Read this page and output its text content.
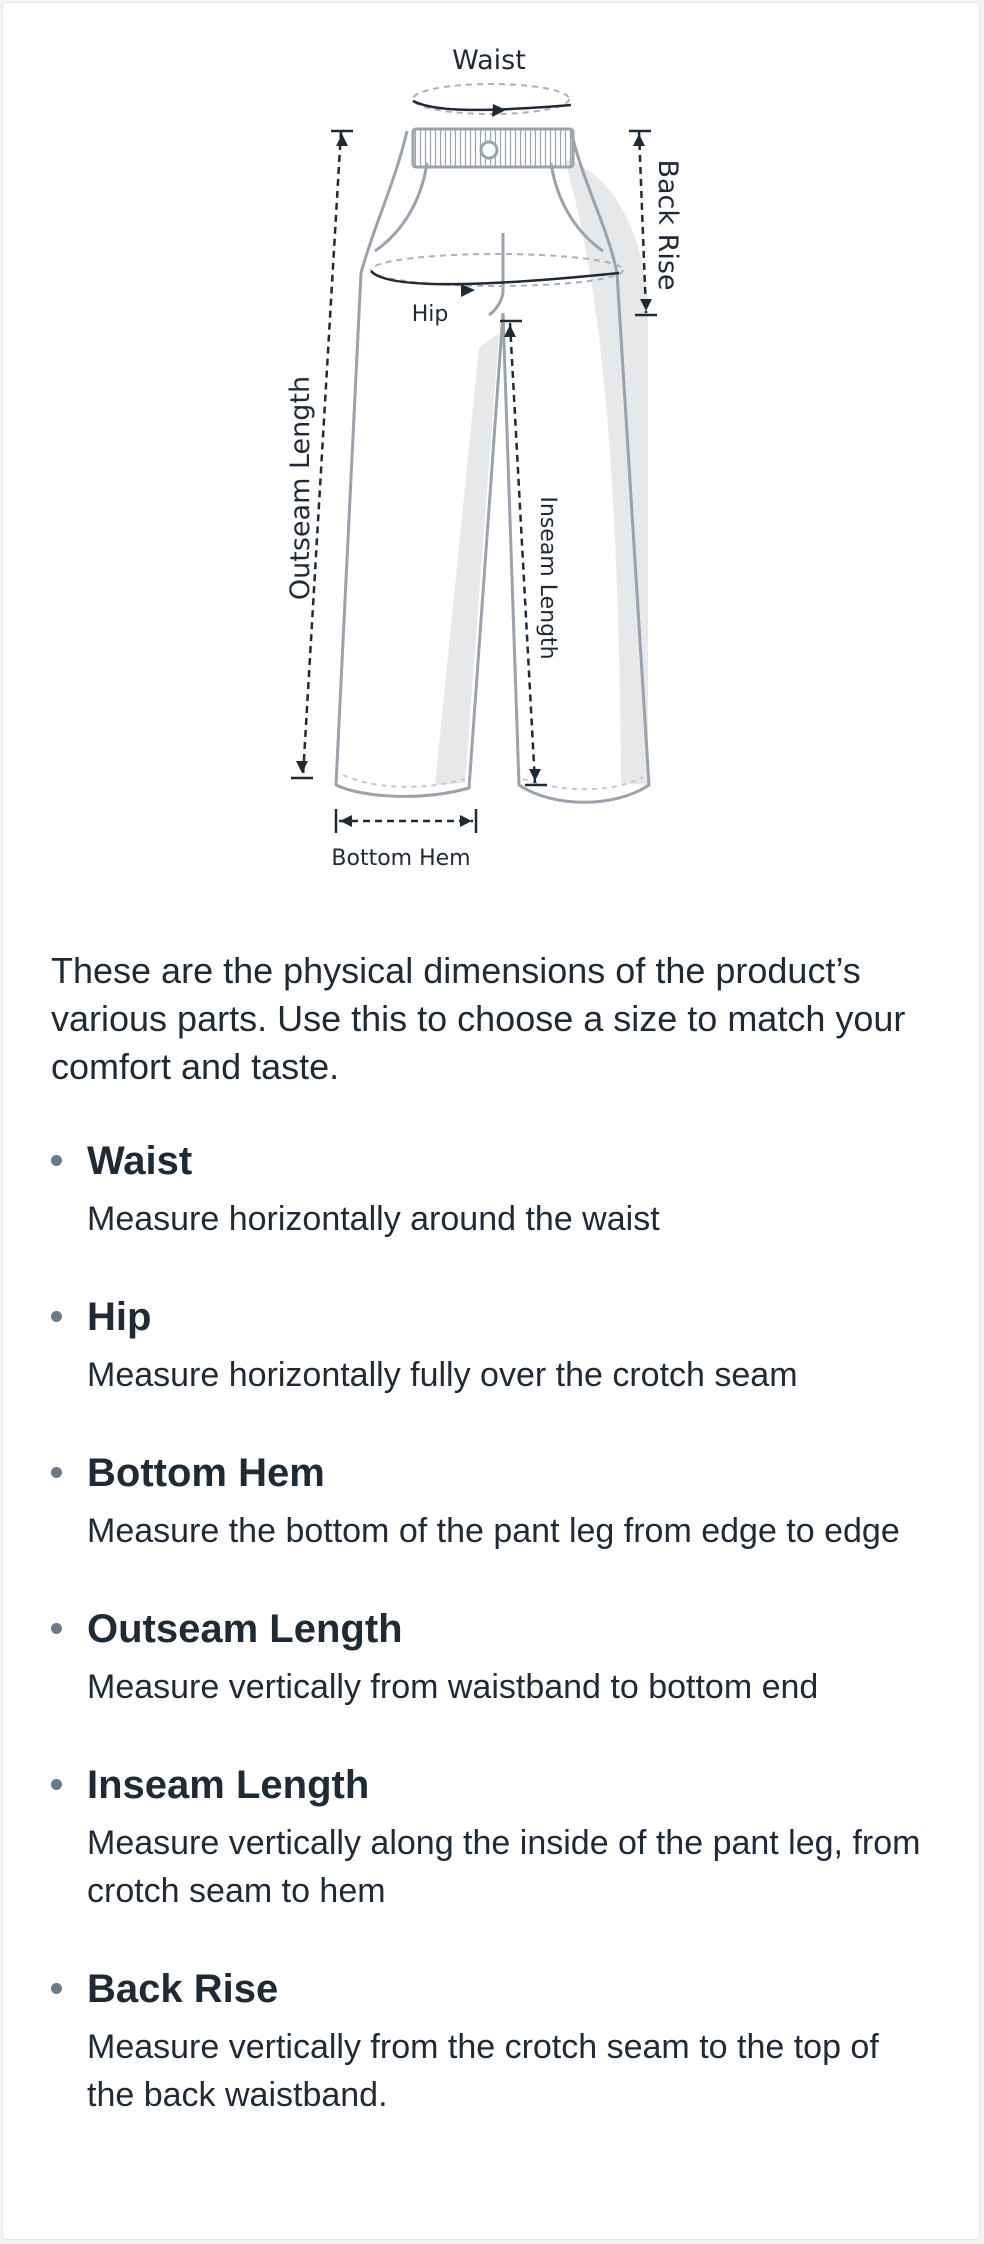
Waist
Hip
Outseam Length	Inseam Length
Back Rise
Bottom Hem

These are the physical dimensions of the product’s various parts. Use this to choose a size to match your comfort and taste.

Waist
Measure horizontally around the waist
Hip
Measure horizontally fully over the crotch seam
Bottom Hem
Measure the bottom of the pant leg from edge to edge
Outseam Length
Measure vertically from waistband to bottom end
Inseam Length
Measure vertically along the inside of the pant leg, from crotch seam to hem
Back Rise
Measure vertically from the crotch seam to the top of the back waistband.
